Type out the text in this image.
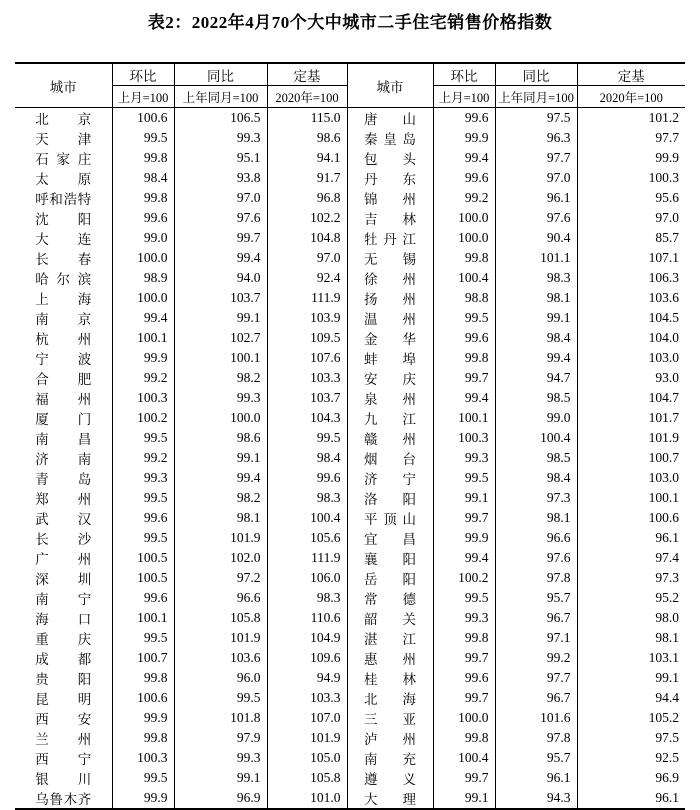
表2：2022年4月70个大中城市二手住宅销售价格指数
城市	环比	同比	定基	城市	环比	同比	定基
	上月=100	上年同月=100	2020年=100		上月=100	上年同月=100	2020年=100

北 京	100.6	106.5	115.0	唐 山	99.6	97.5	101.2

天 津	99.5	99.3	98.6	秦 皇 岛	99.9	96.3	97.7

石 家 庄	99.8	95.1	94.1	包 头	99.4	97.7	99.9

太 原	98.4	93.8	91.7	丹 东	99.6	97.0	100.3

呼 和 浩 特	99.8	97.0	96.8	锦 州	99.2	96.1	95.6

沈 阳	99.6	97.6	102.2	吉 林	100.0	97.6	97.0

大 连	99.0	99.7	104.8	牡 丹 江	100.0	90.4	85.7

长 春	100.0	99.4	97.0	无 锡	99.8	101.1	107.1

哈 尔 滨	98.9	94.0	92.4	徐 州	100.4	98.3	106.3

上 海	100.0	103.7	111.9	扬 州	98.8	98.1	103.6

南 京	99.4	99.1	103.9	温 州	99.5	99.1	104.5

杭 州	100.1	102.7	109.5	金 华	99.6	98.4	104.0

宁 波	99.9	100.1	107.6	蚌 埠	99.8	99.4	103.0

合 肥	99.2	98.2	103.3	安 庆	99.7	94.7	93.0

福 州	100.3	99.3	103.7	泉 州	99.4	98.5	104.7

厦 门	100.2	100.0	104.3	九 江	100.1	99.0	101.7

南 昌	99.5	98.6	99.5	赣 州	100.3	100.4	101.9

济 南	99.2	99.1	98.4	烟 台	99.3	98.5	100.7

青 岛	99.3	99.4	99.6	济 宁	99.5	98.4	103.0

郑 州	99.5	98.2	98.3	洛 阳	99.1	97.3	100.1

武 汉	99.6	98.1	100.4	平 顶 山	99.7	98.1	100.6

长 沙	99.5	101.9	105.6	宜 昌	99.9	96.6	96.1

广 州	100.5	102.0	111.9	襄 阳	99.4	97.6	97.4

深 圳	100.5	97.2	106.0	岳 阳	100.2	97.8	97.3

南 宁	99.6	96.6	98.3	常 德	99.5	95.7	95.2

海 口	100.1	105.8	110.6	韶 关	99.3	96.7	98.0

重 庆	99.5	101.9	104.9	湛 江	99.8	97.1	98.1

成 都	100.7	103.6	109.6	惠 州	99.7	99.2	103.1

贵 阳	99.8	96.0	94.9	桂 林	99.6	97.7	99.1

昆 明	100.6	99.5	103.3	北 海	99.7	96.7	94.4

西 安	99.9	101.8	107.0	三 亚	100.0	101.6	105.2

兰 州	99.8	97.9	101.9	泸 州	99.8	97.8	97.5

西 宁	100.3	99.3	105.0	南 充	100.4	95.7	92.5

银 川	99.5	99.1	105.8	遵 义	99.7	96.1	96.9

乌 鲁 木 齐	99.9	96.9	101.0	大 理	99.1	94.3	96.1
